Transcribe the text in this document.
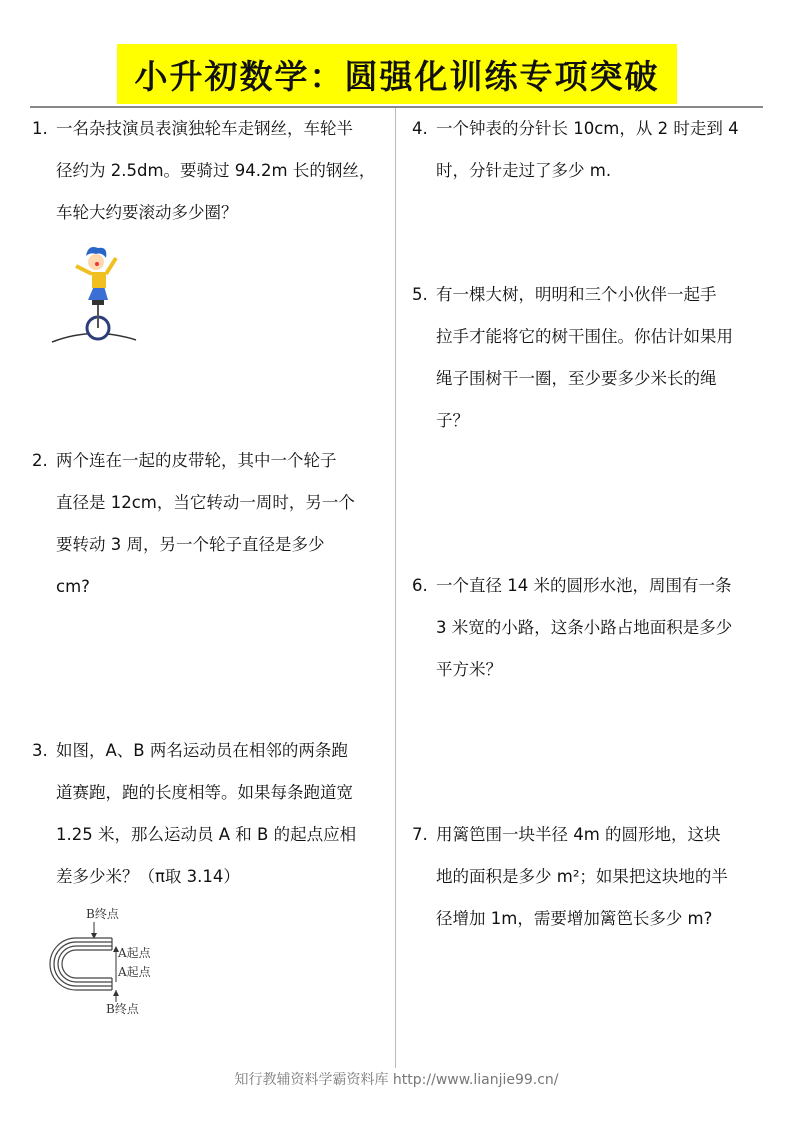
小升初数学：圆强化训练专项突破
1. 一名杂技演员表演独轮车走钢丝，车轮半
径约为 2.5dm。要骑过 94.2m 长的钢丝，
车轮大约要滚动多少圈？
2. 两个连在一起的皮带轮，其中一个轮子
直径是 12cm，当它转动一周时，另一个
要转动 3 周，另一个轮子直径是多少
cm?
3. 如图，A、B 两名运动员在相邻的两条跑
道赛跑，跑的长度相等。如果每条跑道宽
1.25 米，那么运动员 A 和 B 的起点应相
差多少米？（π取 3.14）
B终点
A起点
A起点
B终点
4. 一个钟表的分针长 10cm，从 2 时走到 4
时，分针走过了多少 m.
5. 有一棵大树，明明和三个小伙伴一起手
拉手才能将它的树干围住。你估计如果用
绳子围树干一圈，至少要多少米长的绳
子？
6. 一个直径 14 米的圆形水池，周围有一条
3 米宽的小路，这条小路占地面积是多少
平方米？
7. 用篱笆围一块半径 4m 的圆形地，这块
地的面积是多少 m²；如果把这块地的半
径增加 1m，需要增加篱笆长多少 m?
知行教辅资料学霸资料库 http://www.lianjie99.cn/
